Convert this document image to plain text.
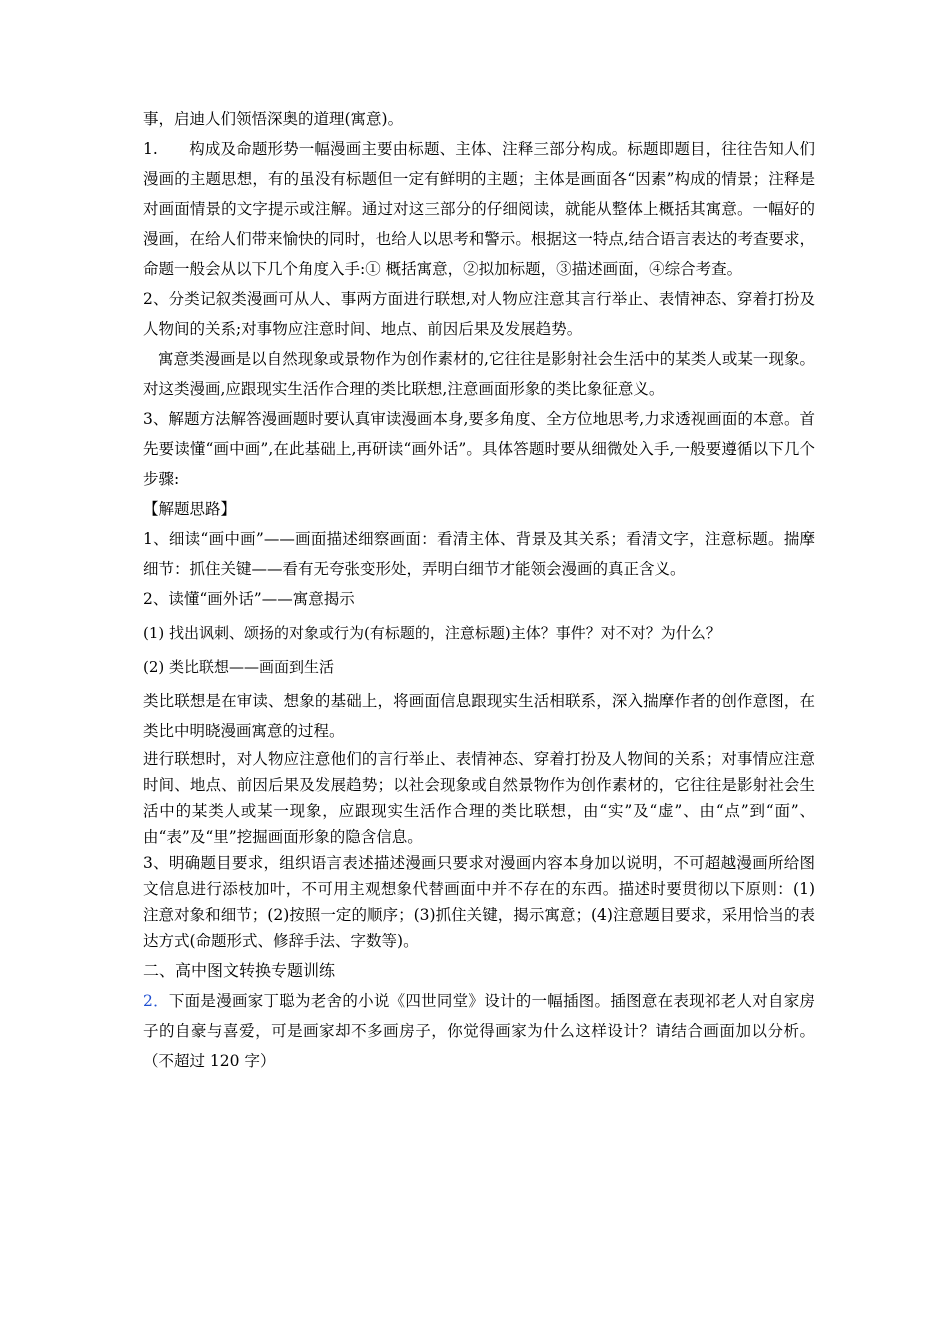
事，启迪人们领悟深奥的道理(寓意)。

1.　　构成及命题形势一幅漫画主要由标题、主体、注释三部分构成。标题即题目，往往告知人们漫画的主题思想，有的虽没有标题但一定有鲜明的主题；主体是画面各“因素”构成的情景；注释是对画面情景的文字提示或注解。通过对这三部分的仔细阅读，就能从整体上概括其寓意。一幅好的漫画，在给人们带来愉快的同时，也给人以思考和警示。根据这一特点,结合语言表达的考查要求，命题一般会从以下几个角度入手:① 概括寓意，②拟加标题，③描述画面，④综合考查。

2、分类记叙类漫画可从人、事两方面进行联想,对人物应注意其言行举止、表情神态、穿着打扮及人物间的关系;对事物应注意时间、地点、前因后果及发展趋势。

寓意类漫画是以自然现象或景物作为创作素材的,它往往是影射社会生活中的某类人或某一现象。对这类漫画,应跟现实生活作合理的类比联想,注意画面形象的类比象征意义。

3、解题方法解答漫画题时要认真审读漫画本身,要多角度、全方位地思考,力求透视画面的本意。首先要读懂“画中画”,在此基础上,再研读“画外话”。具体答题时要从细微处入手,一般要遵循以下几个步骤:

【解题思路】

1、细读“画中画”——画面描述细察画面：看清主体、背景及其关系；看清文字，注意标题。揣摩细节：抓住关键——看有无夸张变形处，弄明白细节才能领会漫画的真正含义。

2、读懂“画外话”——寓意揭示

(1) 找出讽刺、颂扬的对象或行为(有标题的，注意标题)主体？事件？对不对？为什么？

(2) 类比联想——画面到生活

类比联想是在审读、想象的基础上，将画面信息跟现实生活相联系，深入揣摩作者的创作意图，在类比中明晓漫画寓意的过程。

进行联想时，对人物应注意他们的言行举止、表情神态、穿着打扮及人物间的关系；对事情应注意时间、地点、前因后果及发展趋势；以社会现象或自然景物作为创作素材的，它往往是影射社会生活中的某类人或某一现象，应跟现实生活作合理的类比联想，由“实”及“虚”、由“点”到“面”、由“表”及“里”挖掘画面形象的隐含信息。

3、明确题目要求，组织语言表述描述漫画只要求对漫画内容本身加以说明，不可超越漫画所给图文信息进行添枝加叶，不可用主观想象代替画面中并不存在的东西。描述时要贯彻以下原则：(1)注意对象和细节；(2)按照一定的顺序；(3)抓住关键，揭示寓意；(4)注意题目要求，采用恰当的表达方式(命题形式、修辞手法、字数等)。

二、高中图文转换专题训练

2．下面是漫画家丁聪为老舍的小说《四世同堂》设计的一幅插图。插图意在表现祁老人对自家房子的自豪与喜爱，可是画家却不多画房子，你觉得画家为什么这样设计？请结合画面加以分析。（不超过 120 字）
